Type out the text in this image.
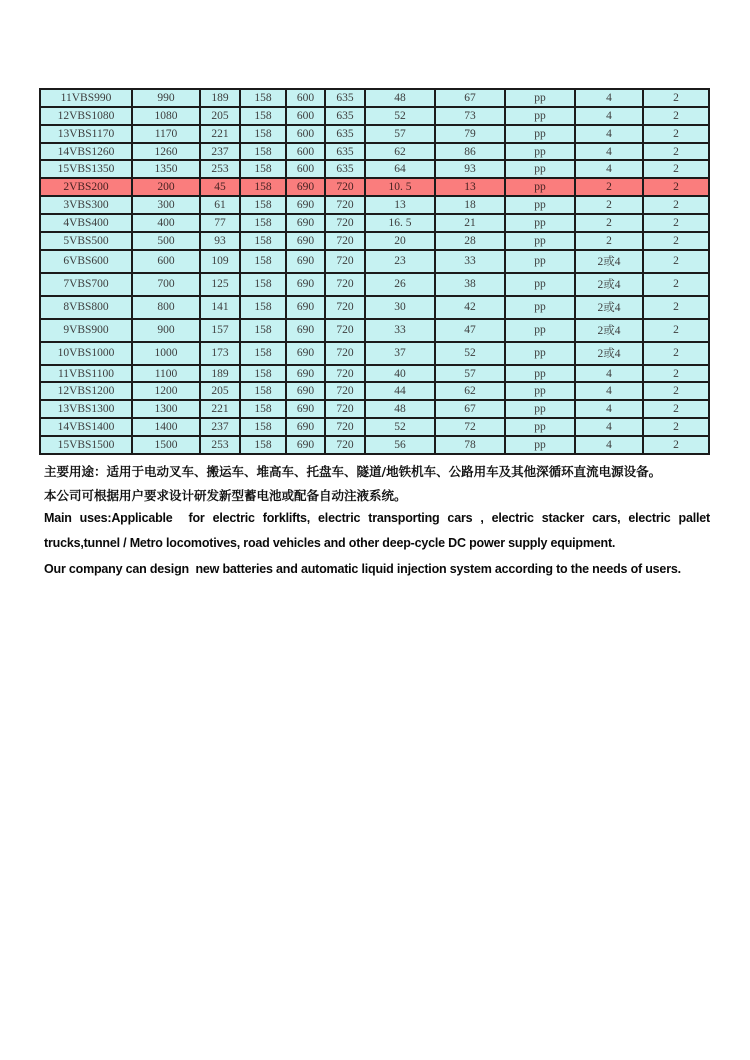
11VBS990	990	189	158	600	635	48	67	pp	4	2
12VBS1080	1080	205	158	600	635	52	73	pp	4	2
13VBS1170	1170	221	158	600	635	57	79	pp	4	2
14VBS1260	1260	237	158	600	635	62	86	pp	4	2
15VBS1350	1350	253	158	600	635	64	93	pp	4	2
2VBS200	200	45	158	690	720	10. 5	13	pp	2	2
3VBS300	300	61	158	690	720	13	18	pp	2	2
4VBS400	400	77	158	690	720	16. 5	21	pp	2	2
5VBS500	500	93	158	690	720	20	28	pp	2	2
6VBS600	600	109	158	690	720	23	33	pp	2或4	2
7VBS700	700	125	158	690	720	26	38	pp	2或4	2
8VBS800	800	141	158	690	720	30	42	pp	2或4	2
9VBS900	900	157	158	690	720	33	47	pp	2或4	2
10VBS1000	1000	173	158	690	720	37	52	pp	2或4	2
11VBS1100	1100	189	158	690	720	40	57	pp	4	2
12VBS1200	1200	205	158	690	720	44	62	pp	4	2
13VBS1300	1300	221	158	690	720	48	67	pp	4	2
14VBS1400	1400	237	158	690	720	52	72	pp	4	2
15VBS1500	1500	253	158	690	720	56	78	pp	4	2

主要用途：适用于电动叉车、搬运车、堆高车、托盘车、隧道/地铁机车、公路用车及其他深循环直流电源设备。

本公司可根据用户要求设计研发新型蓄电池或配备自动注液系统。

Main uses:Applicable  for electric forklifts, electric transporting cars , electric stacker cars, electric pallet trucks,tunnel / Metro locomotives, road vehicles and other deep-cycle DC power supply equipment.

Our company can design  new batteries and automatic liquid injection system according to the needs of users.
